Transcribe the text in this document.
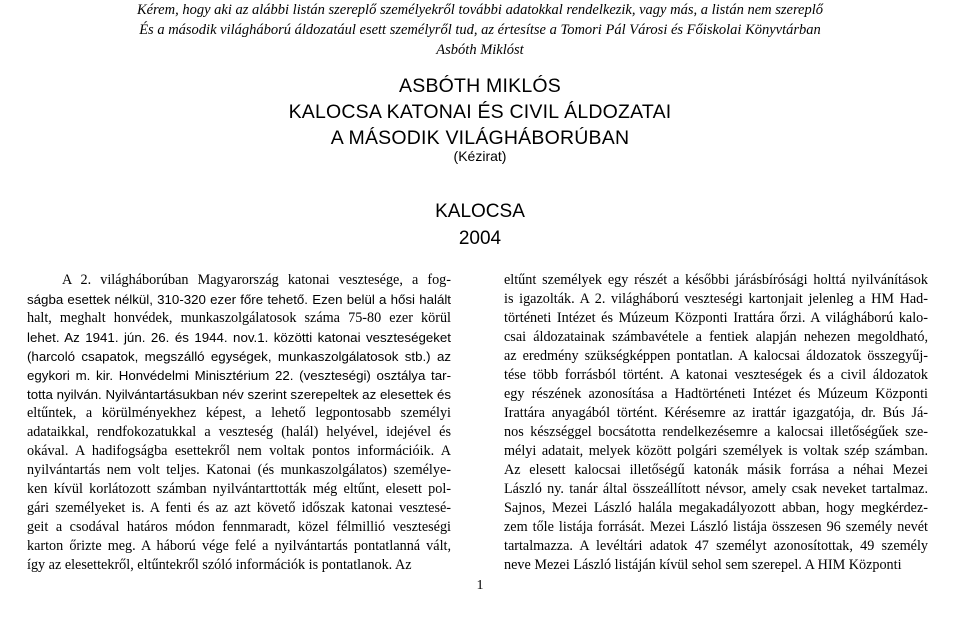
Kérem, hogy aki az alábbi listán szereplő személyekről további adatokkal rendelkezik, vagy más, a listán nem szereplő
És a második világháború áldozatául esett személyről tud, az értesítse a Tomori Pál Városi és Főiskolai Könyvtárban
Asbóth Miklóst
ASBÓTH MIKLÓS
KALOCSA KATONAI ÉS CIVIL ÁLDOZATAI
A MÁSODIK VILÁGHÁBORÚBAN
(Kézirat)
KALOCSA
2004
A 2. világháborúban Magyarország katonai vesztesége, a fog-
ságba esettek nélkül, 310-320 ezer főre tehető. Ezen belül a hősi halált
halt, meghalt honvédek, munkaszolgálatosok száma 75-80 ezer körül
lehet. Az 1941. jún. 26. és 1944. nov.1. közötti katonai veszteségeket
(harcoló csapatok, megszálló egységek, munkaszolgálatosok stb.) az
egykori m. kir. Honvédelmi Minisztérium 22. (veszteségi) osztálya tar-
totta nyilván. Nyilvántartásukban név szerint szerepeltek az elesettek és
eltűntek, a körülményekhez képest, a lehető legpontosabb személyi
adataikkal, rendfokozatukkal a veszteség (halál) helyével, idejével és
okával. A hadifogságba esettekről nem voltak pontos információik. A
nyilvántartás nem volt teljes. Katonai (és munkaszolgálatos) személye-
ken kívül korlátozott számban nyilvántarttották még eltűnt, elesett pol-
gári személyeket is. A fenti és az azt követő időszak katonai vesztesé-
geit a csodával határos módon fennmaradt, közel félmillió veszteségi
karton őrizte meg. A háború vége felé a nyilvántartás pontatlanná vált,
így az elesettekről, eltűntekről szóló információk is pontatlanok. Az
eltűnt személyek egy részét a későbbi járásbírósági holttá nyilvánítások
is igazolták. A 2. világháború veszteségi kartonjait jelenleg a HM Had-
történeti Intézet és Múzeum Központi Irattára őrzi. A világháború kalo-
csai áldozatainak számbavétele a fentiek alapján nehezen megoldható,
az eredmény szükségképpen pontatlan. A kalocsai áldozatok összegyűj-
tése több forrásból történt. A katonai veszteségek és a civil áldozatok
egy részének azonosítása a Hadtörténeti Intézet és Múzeum Központi
Irattára anyagából történt. Kérésemre az irattár igazgatója, dr. Bús Já-
nos készséggel bocsátotta rendelkezésemre a kalocsai illetőségűek sze-
mélyi adatait, melyek között polgári személyek is voltak szép számban.
Az elesett kalocsai illetőségű katonák másik forrása a néhai Mezei
László ny. tanár által összeállított névsor, amely csak neveket tartalmaz.
Sajnos, Mezei László halála megakadályozott abban, hogy megkérdez-
zem tőle listája forrását. Mezei László listája összesen 96 személy nevét
tartalmazza. A levéltári adatok 47 személyt azonosítottak, 49 személy
neve Mezei László listáján kívül sehol sem szerepel. A HIM Központi
1
